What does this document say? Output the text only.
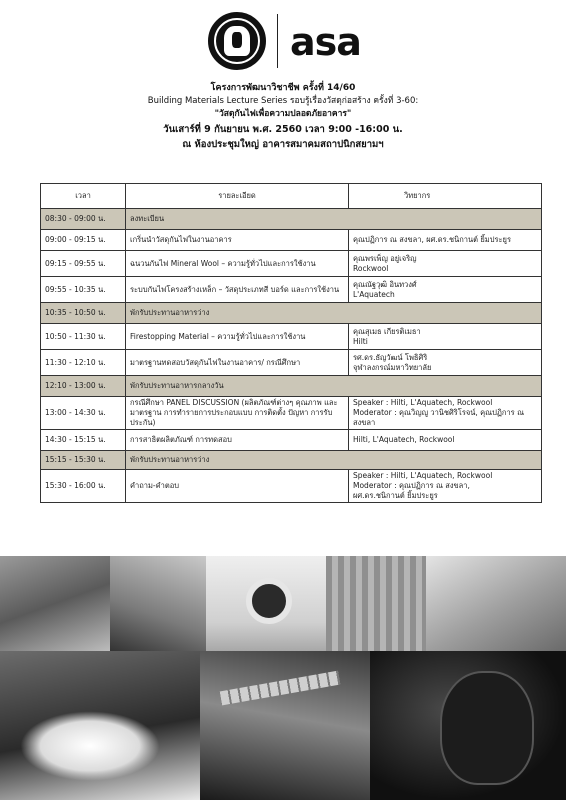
asa
โครงการพัฒนาวิชาชีพ ครั้งที่ 14/60
Building Materials Lecture Series รอบรู้เรื่องวัสดุก่อสร้าง ครั้งที่ 3-60:
"วัสดุกันไฟเพื่อความปลอดภัยอาคาร"
วันเสาร์ที่ 9 กันยายน พ.ศ. 2560 เวลา 9:00 -16:00 น.
ณ ห้องประชุมใหญ่ อาคารสมาคมสถาปนิกสยามฯ
เวลา	รายละเอียด	วิทยากร
08:30 - 09:00 น.	ลงทะเบียน	
09:00 - 09:15 น.	เกริ่นนำวัสดุกันไฟในงานอาคาร	คุณปฏิการ ณ สงขลา, ผศ.ดร.ชนิกานต์ ยิ้มประยูร
09:15 - 09:55 น.	ฉนวนกันไฟ Mineral Wool – ความรู้ทั่วไปและการใช้งาน	คุณพรเพ็ญ อยู่เจริญ
Rockwool
09:55 - 10:35 น.	ระบบกันไฟโครงสร้างเหล็ก – วัสดุประเภทสี บอร์ด และการใช้งาน	คุณณัฐวุฒิ อินทวงศ์
L'Aquatech
10:35 - 10:50 น.	พักรับประทานอาหารว่าง	
10:50 - 11:30 น.	Firestopping Material – ความรู้ทั่วไปและการใช้งาน	คุณสุเมธ เกียรติเมธา
Hilti
11:30 - 12:10 น.	มาตรฐานทดสอบวัสดุกันไฟในงานอาคาร/ กรณีศึกษา	รศ.ดร.ธัญวัฒน์ โพธิศิริ
จุฬาลงกรณ์มหาวิทยาลัย
12:10 - 13:00 น.	พักรับประทานอาหารกลางวัน	
13:00 - 14:30 น.	กรณีศึกษา PANEL DISCUSSION (ผลิตภัณฑ์ต่างๆ คุณภาพ และมาตรฐาน การทำรายการประกอบแบบ การติดตั้ง ปัญหา การรับประกัน)	Speaker : Hilti, L'Aquatech, Rockwool
Moderator : คุณวิญญู วานิชศิริโรจน์, คุณปฏิการ ณ สงขลา
14:30 - 15:15 น.	การสาธิตผลิตภัณฑ์ การทดสอบ	Hilti, L'Aquatech, Rockwool
15:15 - 15:30 น.	พักรับประทานอาหารว่าง	
15:30 - 16:00 น.	คำถาม-คำตอบ	Speaker : Hilti, L'Aquatech, Rockwool
Moderator : คุณปฏิการ ณ สงขลา,
ผศ.ดร.ชนิกานต์ ยิ้มประยูร
